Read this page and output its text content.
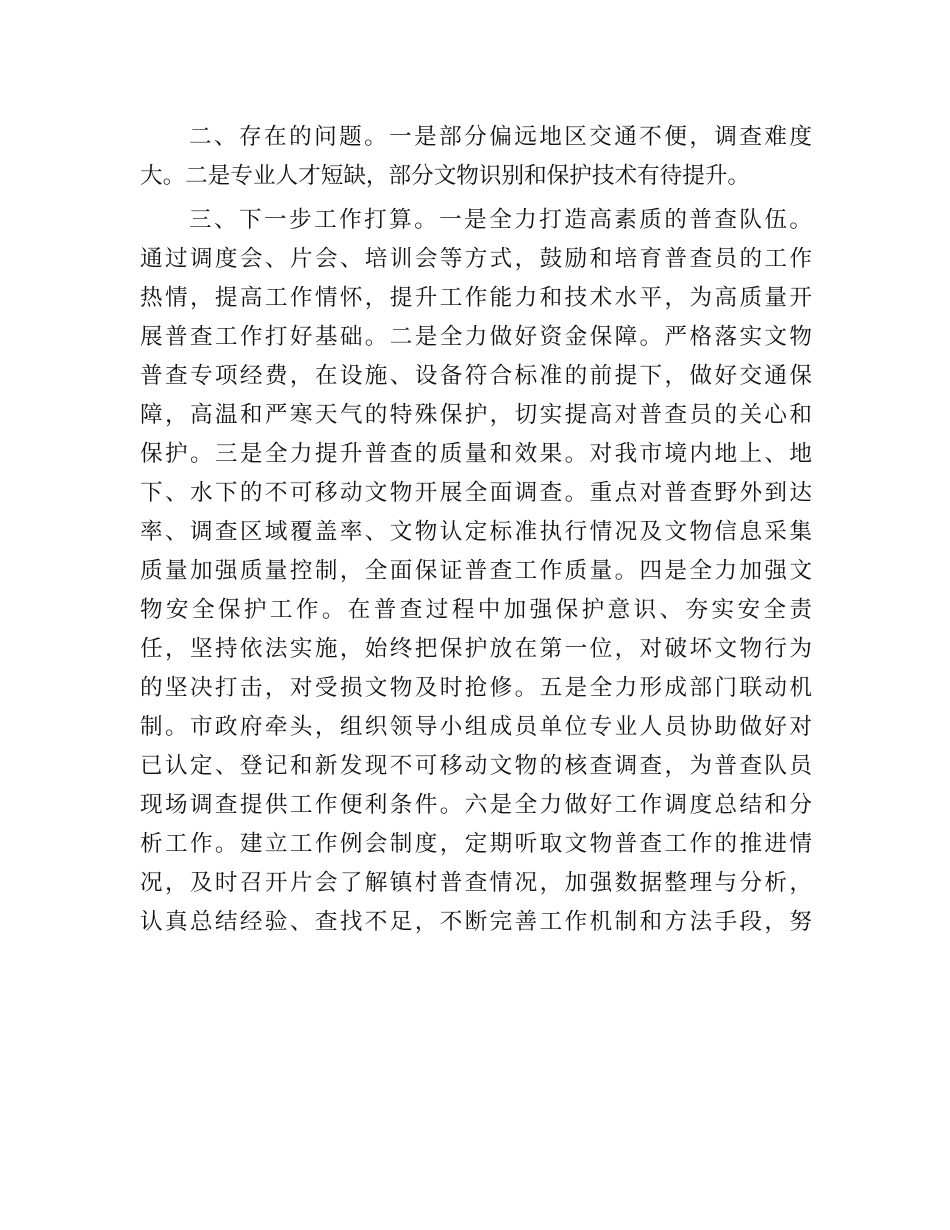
二、存在的问题。一是部分偏远地区交通不便，调查难度
大。二是专业人才短缺，部分文物识别和保护技术有待提升。
三、下一步工作打算。一是全力打造高素质的普查队伍。
通过调度会、片会、培训会等方式，鼓励和培育普查员的工作
热情，提高工作情怀，提升工作能力和技术水平，为高质量开
展普查工作打好基础。二是全力做好资金保障。严格落实文物
普查专项经费，在设施、设备符合标准的前提下，做好交通保
障，高温和严寒天气的特殊保护，切实提高对普查员的关心和
保护。三是全力提升普查的质量和效果。对我市境内地上、地
下、水下的不可移动文物开展全面调查。重点对普查野外到达
率、调查区域覆盖率、文物认定标准执行情况及文物信息采集
质量加强质量控制，全面保证普查工作质量。四是全力加强文
物安全保护工作。在普查过程中加强保护意识、夯实安全责
任，坚持依法实施，始终把保护放在第一位，对破坏文物行为
的坚决打击，对受损文物及时抢修。五是全力形成部门联动机
制。市政府牵头，组织领导小组成员单位专业人员协助做好对
已认定、登记和新发现不可移动文物的核查调查，为普查队员
现场调查提供工作便利条件。六是全力做好工作调度总结和分
析工作。建立工作例会制度，定期听取文物普查工作的推进情
况，及时召开片会了解镇村普查情况，加强数据整理与分析，
认真总结经验、查找不足，不断完善工作机制和方法手段，努
